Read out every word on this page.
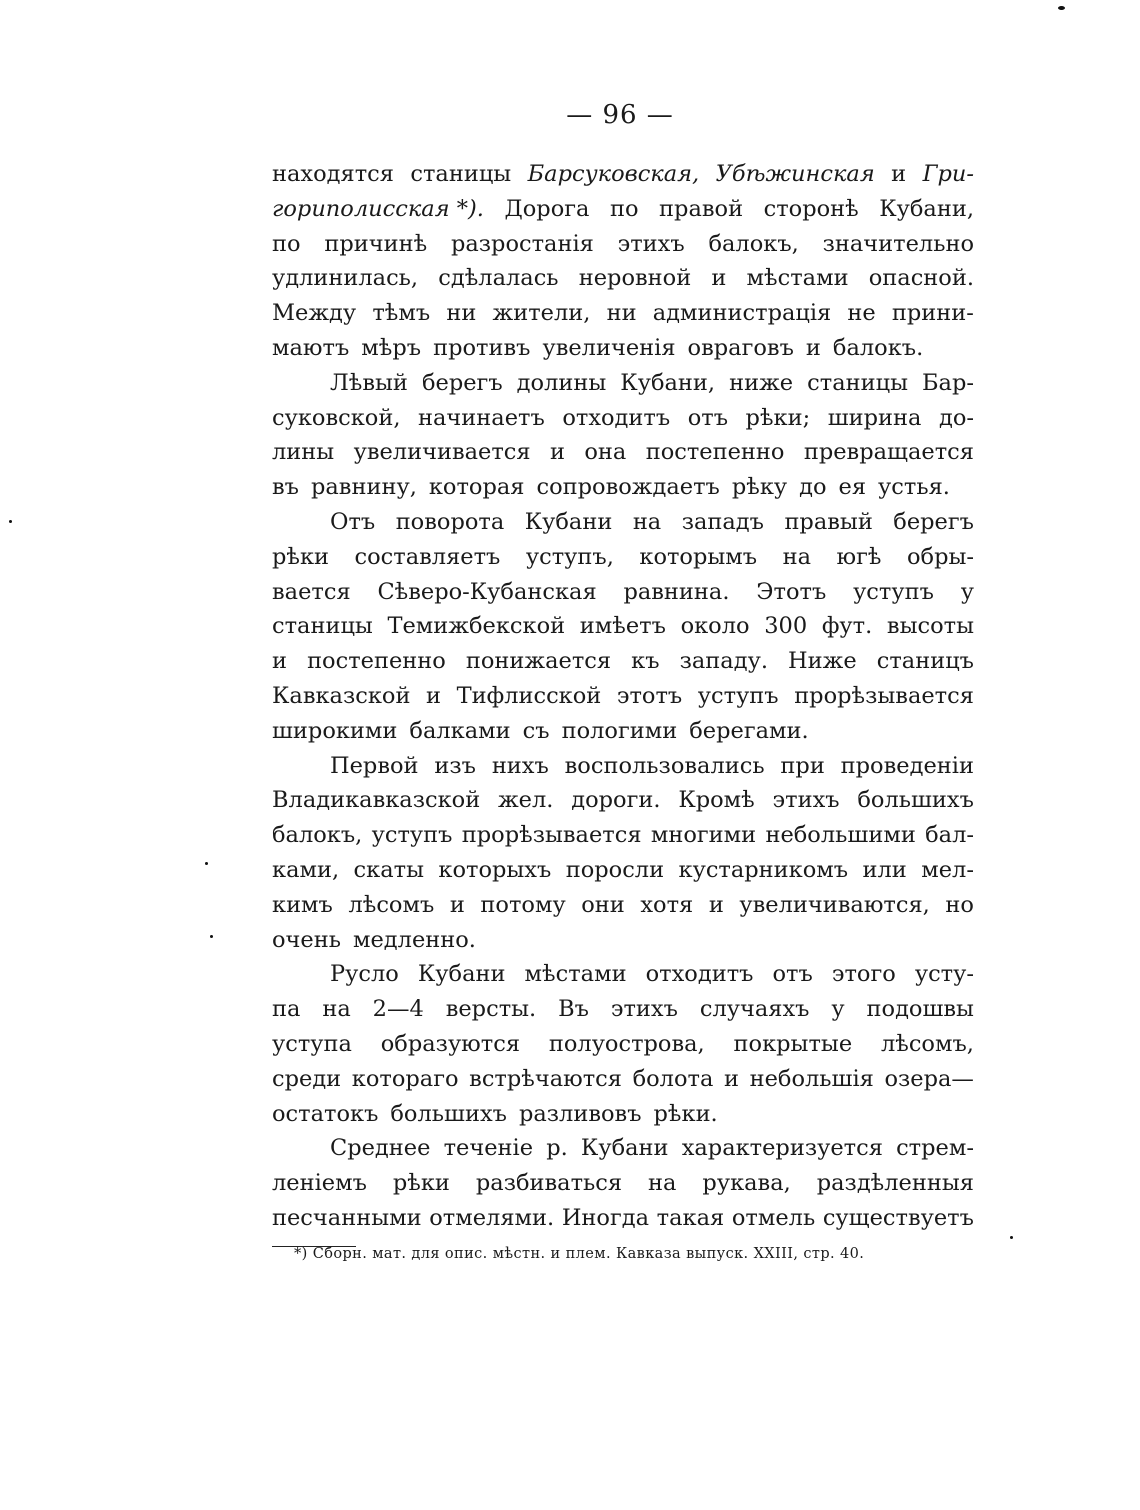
— 96 —
находятся станицы Барсуковская, Убѣжинская и Гри-
гориполисская *). Дорога по правой сторонѣ Кубани,
по причинѣ разростанія этихъ балокъ, значительно
удлинилась, сдѣлалась неровной и мѣстами опасной.
Между тѣмъ ни жители, ни администрація не прини-
маютъ мѣръ противъ увеличенія овраговъ и балокъ.
Лѣвый берегъ долины Кубани, ниже станицы Бар-
суковской, начинаетъ отходитъ отъ рѣки; ширина до-
лины увеличивается и она постепенно превращается
въ равнину, которая сопровождаетъ рѣку до ея устья.
Отъ поворота Кубани на западъ правый берегъ
рѣки составляетъ уступъ, которымъ на югѣ обры-
вается Сѣверо-Кубанская равнина. Этотъ уступъ у
станицы Темижбекской имѣетъ около 300 фут. высоты
и постепенно понижается къ западу. Ниже станицъ
Кавказской и Тифлисской этотъ уступъ прорѣзывается
широкими балками съ пологими берегами.
Первой изъ нихъ воспользовались при проведеніи
Владикавказской жел. дороги. Кромѣ этихъ большихъ
балокъ, уступъ прорѣзывается многими небольшими бал-
ками, скаты которыхъ поросли кустарникомъ или мел-
кимъ лѣсомъ и потому они хотя и увеличиваются, но
очень медленно.
Русло Кубани мѣстами отходитъ отъ этого усту-
па на 2—4 версты. Въ этихъ случаяхъ у подошвы
уступа образуются полуострова, покрытые лѣсомъ,
среди котораго встрѣчаются болота и небольшія озера—
остатокъ большихъ разливовъ рѣки.
Среднее теченіе р. Кубани характеризуется стрем-
леніемъ рѣки разбиваться на рукава, раздѣленныя
песчанными отмелями. Иногда такая отмель существуетъ
*) Сборн. мат. для опис. мѣстн. и плем. Кавказа выпуск. XXIII, стр. 40.
